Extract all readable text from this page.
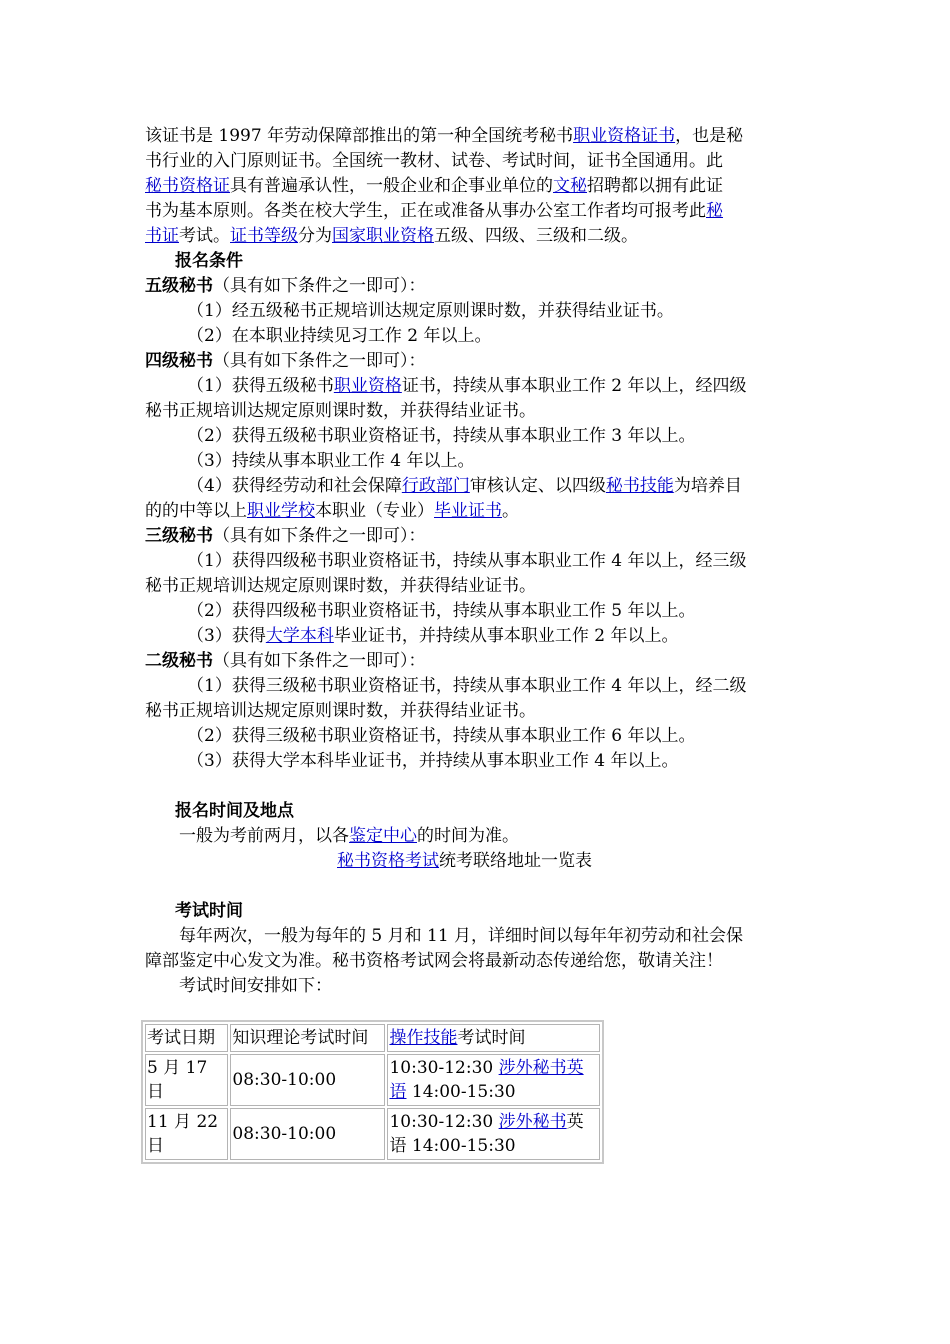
该证书是 1997 年劳动保障部推出的第一种全国统考秘书职业资格证书，也是秘
书行业的入门原则证书。全国统一教材、试卷、考试时间，证书全国通用。此
秘书资格证具有普遍承认性，一般企业和企事业单位的文秘招聘都以拥有此证
书为基本原则。各类在校大学生，正在或准备从事办公室工作者均可报考此秘
书证考试。证书等级分为国家职业资格五级、四级、三级和二级。
报名条件
五级秘书（具有如下条件之一即可）：
（1）经五级秘书正规培训达规定原则课时数，并获得结业证书。
（2）在本职业持续见习工作 2 年以上。
四级秘书（具有如下条件之一即可）：
（1）获得五级秘书职业资格证书，持续从事本职业工作 2 年以上，经四级
秘书正规培训达规定原则课时数，并获得结业证书。
（2）获得五级秘书职业资格证书，持续从事本职业工作 3 年以上。
（3）持续从事本职业工作 4 年以上。
（4）获得经劳动和社会保障行政部门审核认定、以四级秘书技能为培养目
的的中等以上职业学校本职业（专业）毕业证书。
三级秘书（具有如下条件之一即可）：
（1）获得四级秘书职业资格证书，持续从事本职业工作 4 年以上，经三级
秘书正规培训达规定原则课时数，并获得结业证书。
（2）获得四级秘书职业资格证书，持续从事本职业工作 5 年以上。
（3）获得大学本科毕业证书，并持续从事本职业工作 2 年以上。
二级秘书（具有如下条件之一即可）：
（1）获得三级秘书职业资格证书，持续从事本职业工作 4 年以上，经二级
秘书正规培训达规定原则课时数，并获得结业证书。
（2）获得三级秘书职业资格证书，持续从事本职业工作 6 年以上。
（3）获得大学本科毕业证书，并持续从事本职业工作 4 年以上。
报名时间及地点
一般为考前两月，以各鉴定中心的时间为准。
秘书资格考试统考联络地址一览表
考试时间
每年两次，一般为每年的 5 月和 11 月，详细时间以每年年初劳动和社会保
障部鉴定中心发文为准。秘书资格考试网会将最新动态传递给您，敬请关注！
考试时间安排如下：
考试日期	知识理论考试时间	操作技能考试时间
5 月 17 日	08:30-10:00	10:30-12:30 涉外秘书英语 14:00-15:30
11 月 22 日	08:30-10:00	10:30-12:30 涉外秘书英语 14:00-15:30
